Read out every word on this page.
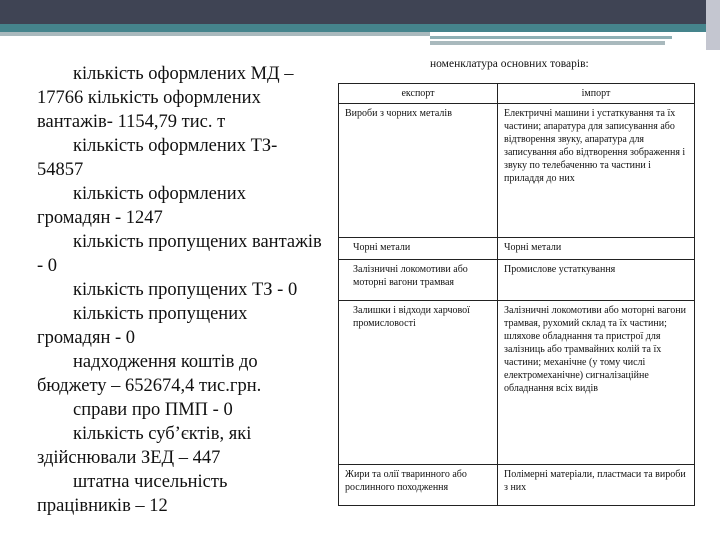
кількість оформлених МД –
17766 кількість оформлених
вантажів- 1154,79 тис. т
кількість оформлених ТЗ-
54857
кількість оформлених
громадян - 1247
кількість пропущених вантажів
- 0
кількість пропущених ТЗ - 0
кількість пропущених
громадян - 0
надходження коштів до
бюджету – 652674,4 тис.грн.
справи про ПМП - 0
кількість суб’єктів, які
здійснювали ЗЕД – 447
штатна чисельність
працівників – 12
номенклатура основних товарів:
експорт	імпорт
Вироби з чорних металів	Електричні машини і устаткування та їх частини; апаратура для записування або відтворення звуку, апаратура для записування або відтворення зображення і звуку по телебаченню та частини і приладдя до них
Чорні метали	Чорні метали
Залізничні локомотиви або моторні вагони трамвая	Промислове устаткування
Залишки і відходи харчової промисловості	Залізничні локомотиви або моторні вагони трамвая, рухомий склад та їх частини; шляхове обладнання та пристрої для залізниць або трамвайних колій та їх частини; механічне (у тому числі електромеханічне) сигналізаційне обладнання всіх видів
Жири та олії тваринного або рослинного походження	Полімерні матеріали, пластмаси та вироби з них
